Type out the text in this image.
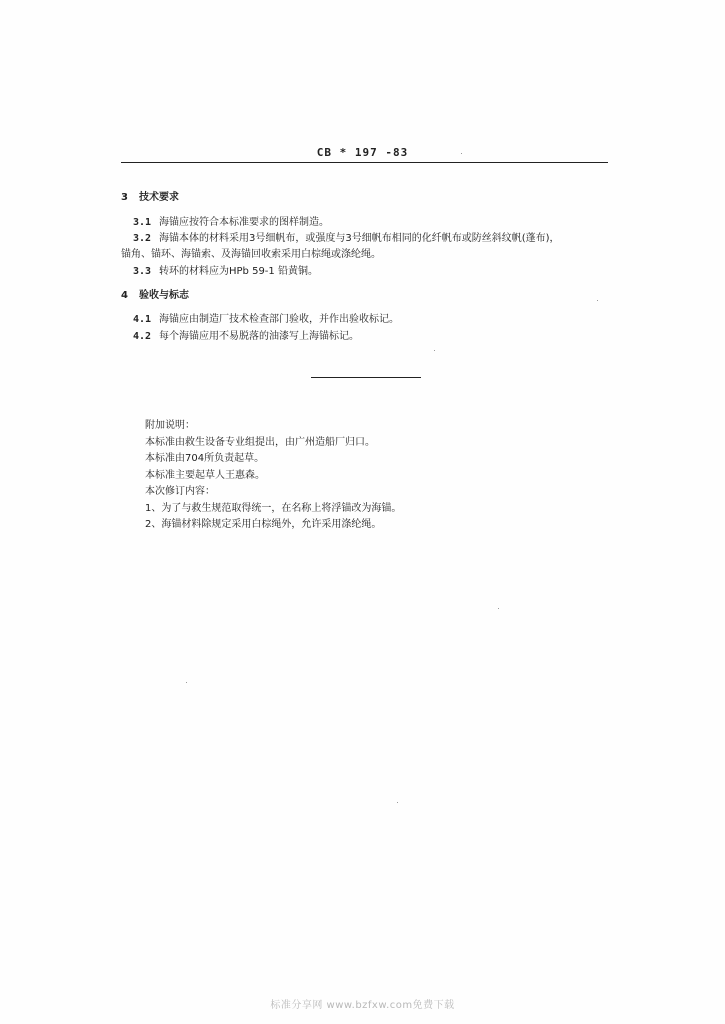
CB * 197 -83
3 技术要求
3.1 海锚应按符合本标准要求的图样制造。
3.2 海锚本体的材料采用3号细帆布，或强度与3号细帆布相同的化纤帆布或防丝斜纹帆(蓬布)，
锚角、锚环、海锚索、及海锚回收索采用白棕绳或涤纶绳。
3.3 转环的材料应为HPb 59-1 铅黄铜。
4 验收与标志
4.1 海锚应由制造厂技术检查部门验收，并作出验收标记。
4.2 每个海锚应用不易脱落的油漆写上海锚标记。
附加说明：
本标准由救生设备专业组提出，由广州造船厂归口。
本标准由704所负责起草。
本标准主要起草人王惠森。
本次修订内容：
1、为了与救生规范取得统一，在名称上将浮锚改为海锚。
2、海锚材料除规定采用白棕绳外，允许采用涤纶绳。
标准分享网 www.bzfxw.com免费下载
